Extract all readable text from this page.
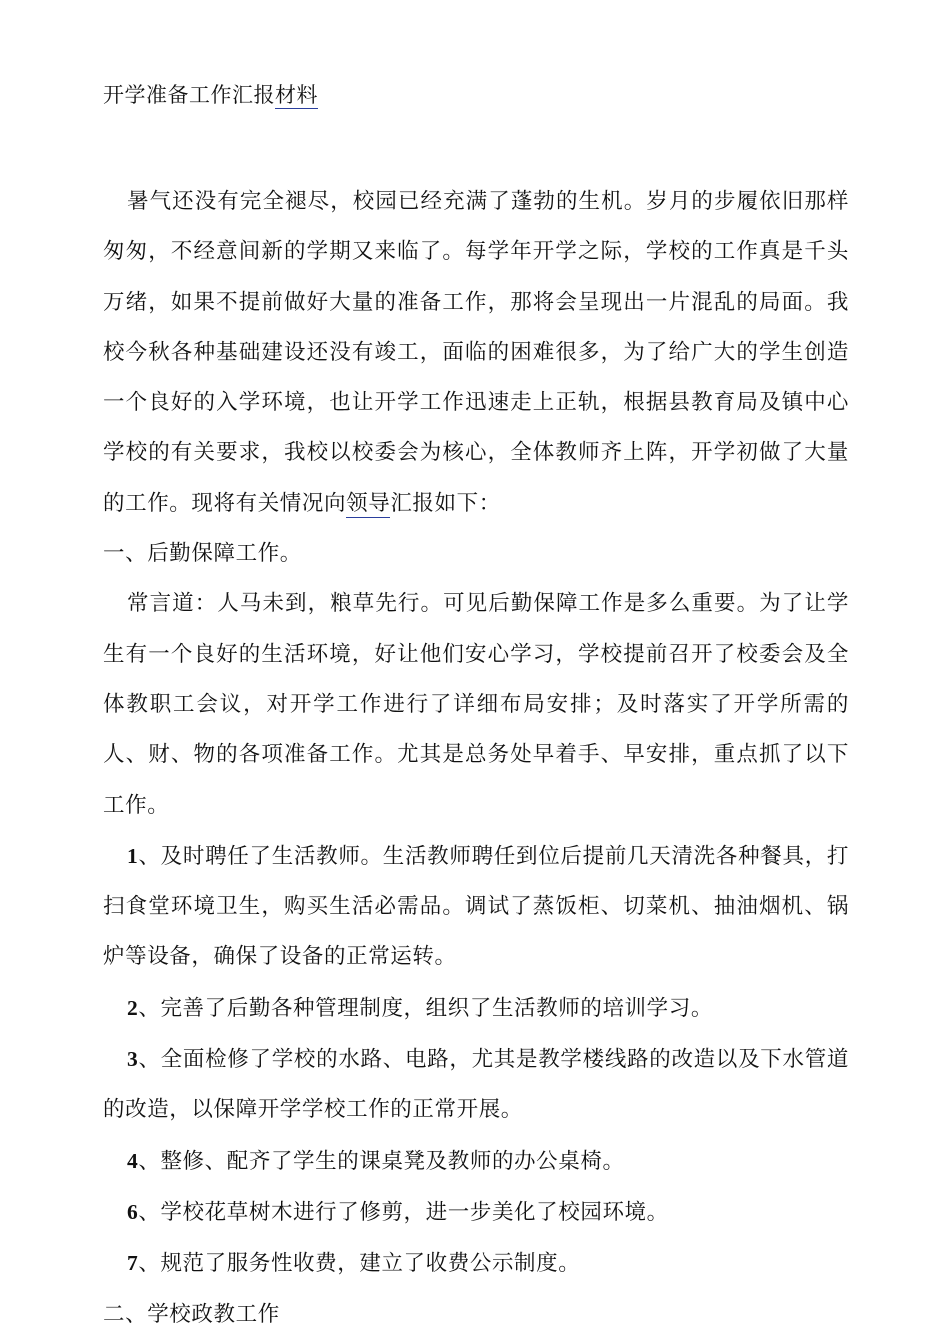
开学准备工作汇报材料

暑气还没有完全褪尽，校园已经充满了蓬勃的生机。岁月的步履依旧那样匆匆，不经意间新的学期又来临了。每学年开学之际，学校的工作真是千头万绪，如果不提前做好大量的准备工作，那将会呈现出一片混乱的局面。我校今秋各种基础建设还没有竣工，面临的困难很多，为了给广大的学生创造一个良好的入学环境，也让开学工作迅速走上正轨，根据县教育局及镇中心学校的有关要求，我校以校委会为核心，全体教师齐上阵，开学初做了大量的工作。现将有关情况向领导汇报如下：

一、后勤保障工作。

常言道：人马未到，粮草先行。可见后勤保障工作是多么重要。为了让学生有一个良好的生活环境，好让他们安心学习，学校提前召开了校委会及全体教职工会议，对开学工作进行了详细布局安排；及时落实了开学所需的人、财、物的各项准备工作。尤其是总务处早着手、早安排，重点抓了以下工作。

1、及时聘任了生活教师。生活教师聘任到位后提前几天清洗各种餐具，打扫食堂环境卫生，购买生活必需品。调试了蒸饭柜、切菜机、抽油烟机、锅炉等设备，确保了设备的正常运转。

2、完善了后勤各种管理制度，组织了生活教师的培训学习。

3、全面检修了学校的水路、电路，尤其是教学楼线路的改造以及下水管道的改造，以保障开学学校工作的正常开展。

4、整修、配齐了学生的课桌凳及教师的办公桌椅。

6、学校花草树木进行了修剪，进一步美化了校园环境。

7、规范了服务性收费，建立了收费公示制度。

二、学校政教工作
